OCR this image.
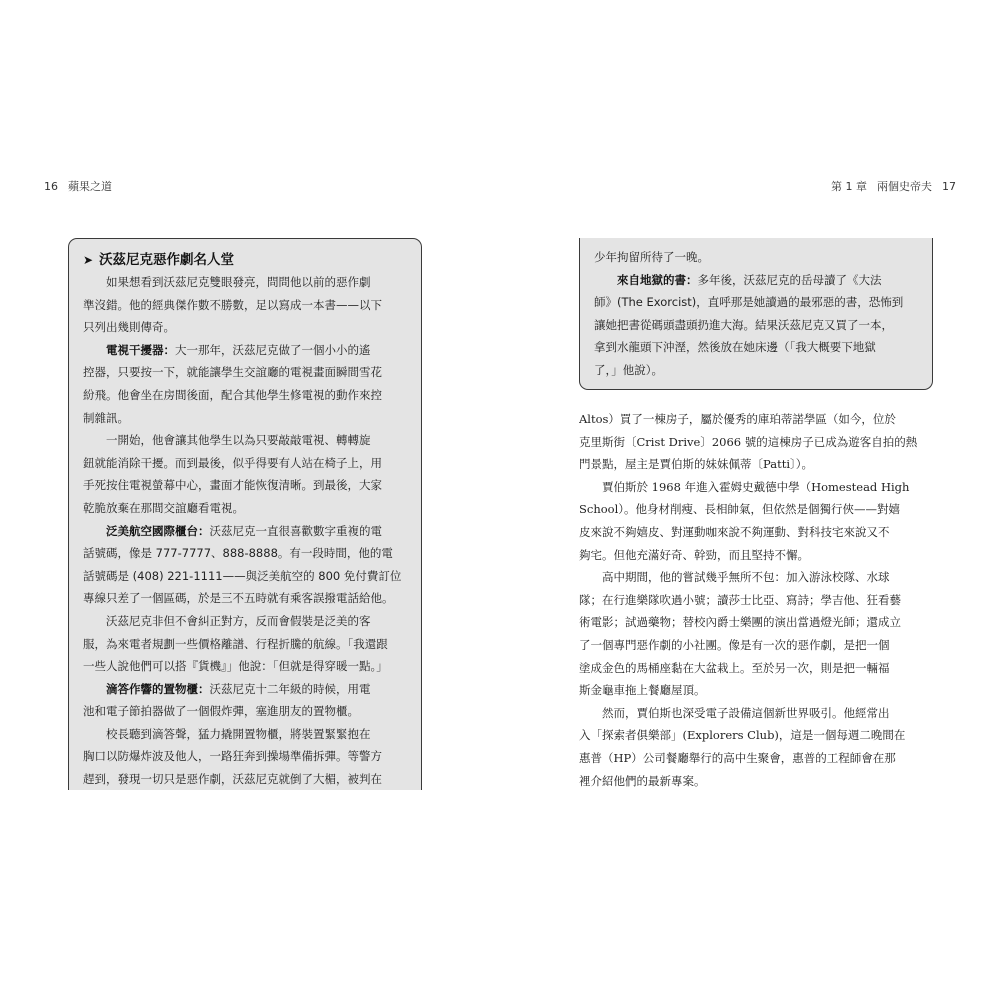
16 蘋果之道	第 1 章 兩個史帝夫 17
➤ 沃茲尼克惡作劇名人堂
如果想看到沃茲尼克雙眼發亮，問問他以前的惡作劇
準沒錯。他的經典傑作數不勝數，足以寫成一本書——以下
只列出幾則傳奇。
電視干擾器：大一那年，沃茲尼克做了一個小小的遙
控器，只要按一下，就能讓學生交誼廳的電視畫面瞬間雪花
紛飛。他會坐在房間後面，配合其他學生修電視的動作來控
制雜訊。
一開始，他會讓其他學生以為只要敲敲電視、轉轉旋
鈕就能消除干擾。而到最後，似乎得要有人站在椅子上，用
手死按住電視螢幕中心，畫面才能恢復清晰。到最後，大家
乾脆放棄在那間交誼廳看電視。
泛美航空國際櫃台：沃茲尼克一直很喜歡數字重複的電
話號碼，像是 777-7777、888-8888。有一段時間，他的電
話號碼是 (408) 221-1111——與泛美航空的 800 免付費訂位
專線只差了一個區碼，於是三不五時就有乘客誤撥電話給他。
沃茲尼克非但不會糾正對方，反而會假裝是泛美的客
服，為來電者規劃一些價格離譜、行程折騰的航線。「我還跟
一些人說他們可以搭『貨機』」他說：「但就是得穿暖一點。」
滴答作響的置物櫃：沃茲尼克十二年級的時候，用電
池和電子節拍器做了一個假炸彈，塞進朋友的置物櫃。
校長聽到滴答聲，猛力撬開置物櫃，將裝置緊緊抱在
胸口以防爆炸波及他人，一路狂奔到操場準備拆彈。等警方
趕到，發現一切只是惡作劇，沃茲尼克就倒了大楣，被判在
少年拘留所待了一晚。
來自地獄的書：多年後，沃茲尼克的岳母讀了《大法
師》(The Exorcist)，直呼那是她讀過的最邪惡的書，恐怖到
讓她把書從碼頭盡頭扔進大海。結果沃茲尼克又買了一本，
拿到水龍頭下沖溼，然後放在她床邊（「我大概要下地獄
了，」他說）。
Altos）買了一棟房子，屬於優秀的庫珀蒂諾學區（如今，位於
克里斯街〔Crist Drive〕2066 號的這棟房子已成為遊客自拍的熱
門景點，屋主是賈伯斯的妹妹佩蒂〔Patti〕）。
賈伯斯於 1968 年進入霍姆史戴德中學（Homestead High
School）。他身材削瘦、長相帥氣，但依然是個獨行俠——對嬉
皮來說不夠嬉皮、對運動咖來說不夠運動、對科技宅來說又不
夠宅。但他充滿好奇、幹勁，而且堅持不懈。
高中期間，他的嘗試幾乎無所不包：加入游泳校隊、水球
隊；在行進樂隊吹過小號；讀莎士比亞、寫詩；學吉他、狂看藝
術電影；試過藥物；替校內爵士樂團的演出當過燈光師；還成立
了一個專門惡作劇的小社團。像是有一次的惡作劇，是把一個
塗成金色的馬桶座黏在大盆栽上。至於另一次，則是把一輛福
斯金龜車拖上餐廳屋頂。
然而，賈伯斯也深受電子設備這個新世界吸引。他經常出
入「探索者俱樂部」(Explorers Club)，這是一個每週二晚間在
惠普（HP）公司餐廳舉行的高中生聚會，惠普的工程師會在那
裡介紹他們的最新專案。
